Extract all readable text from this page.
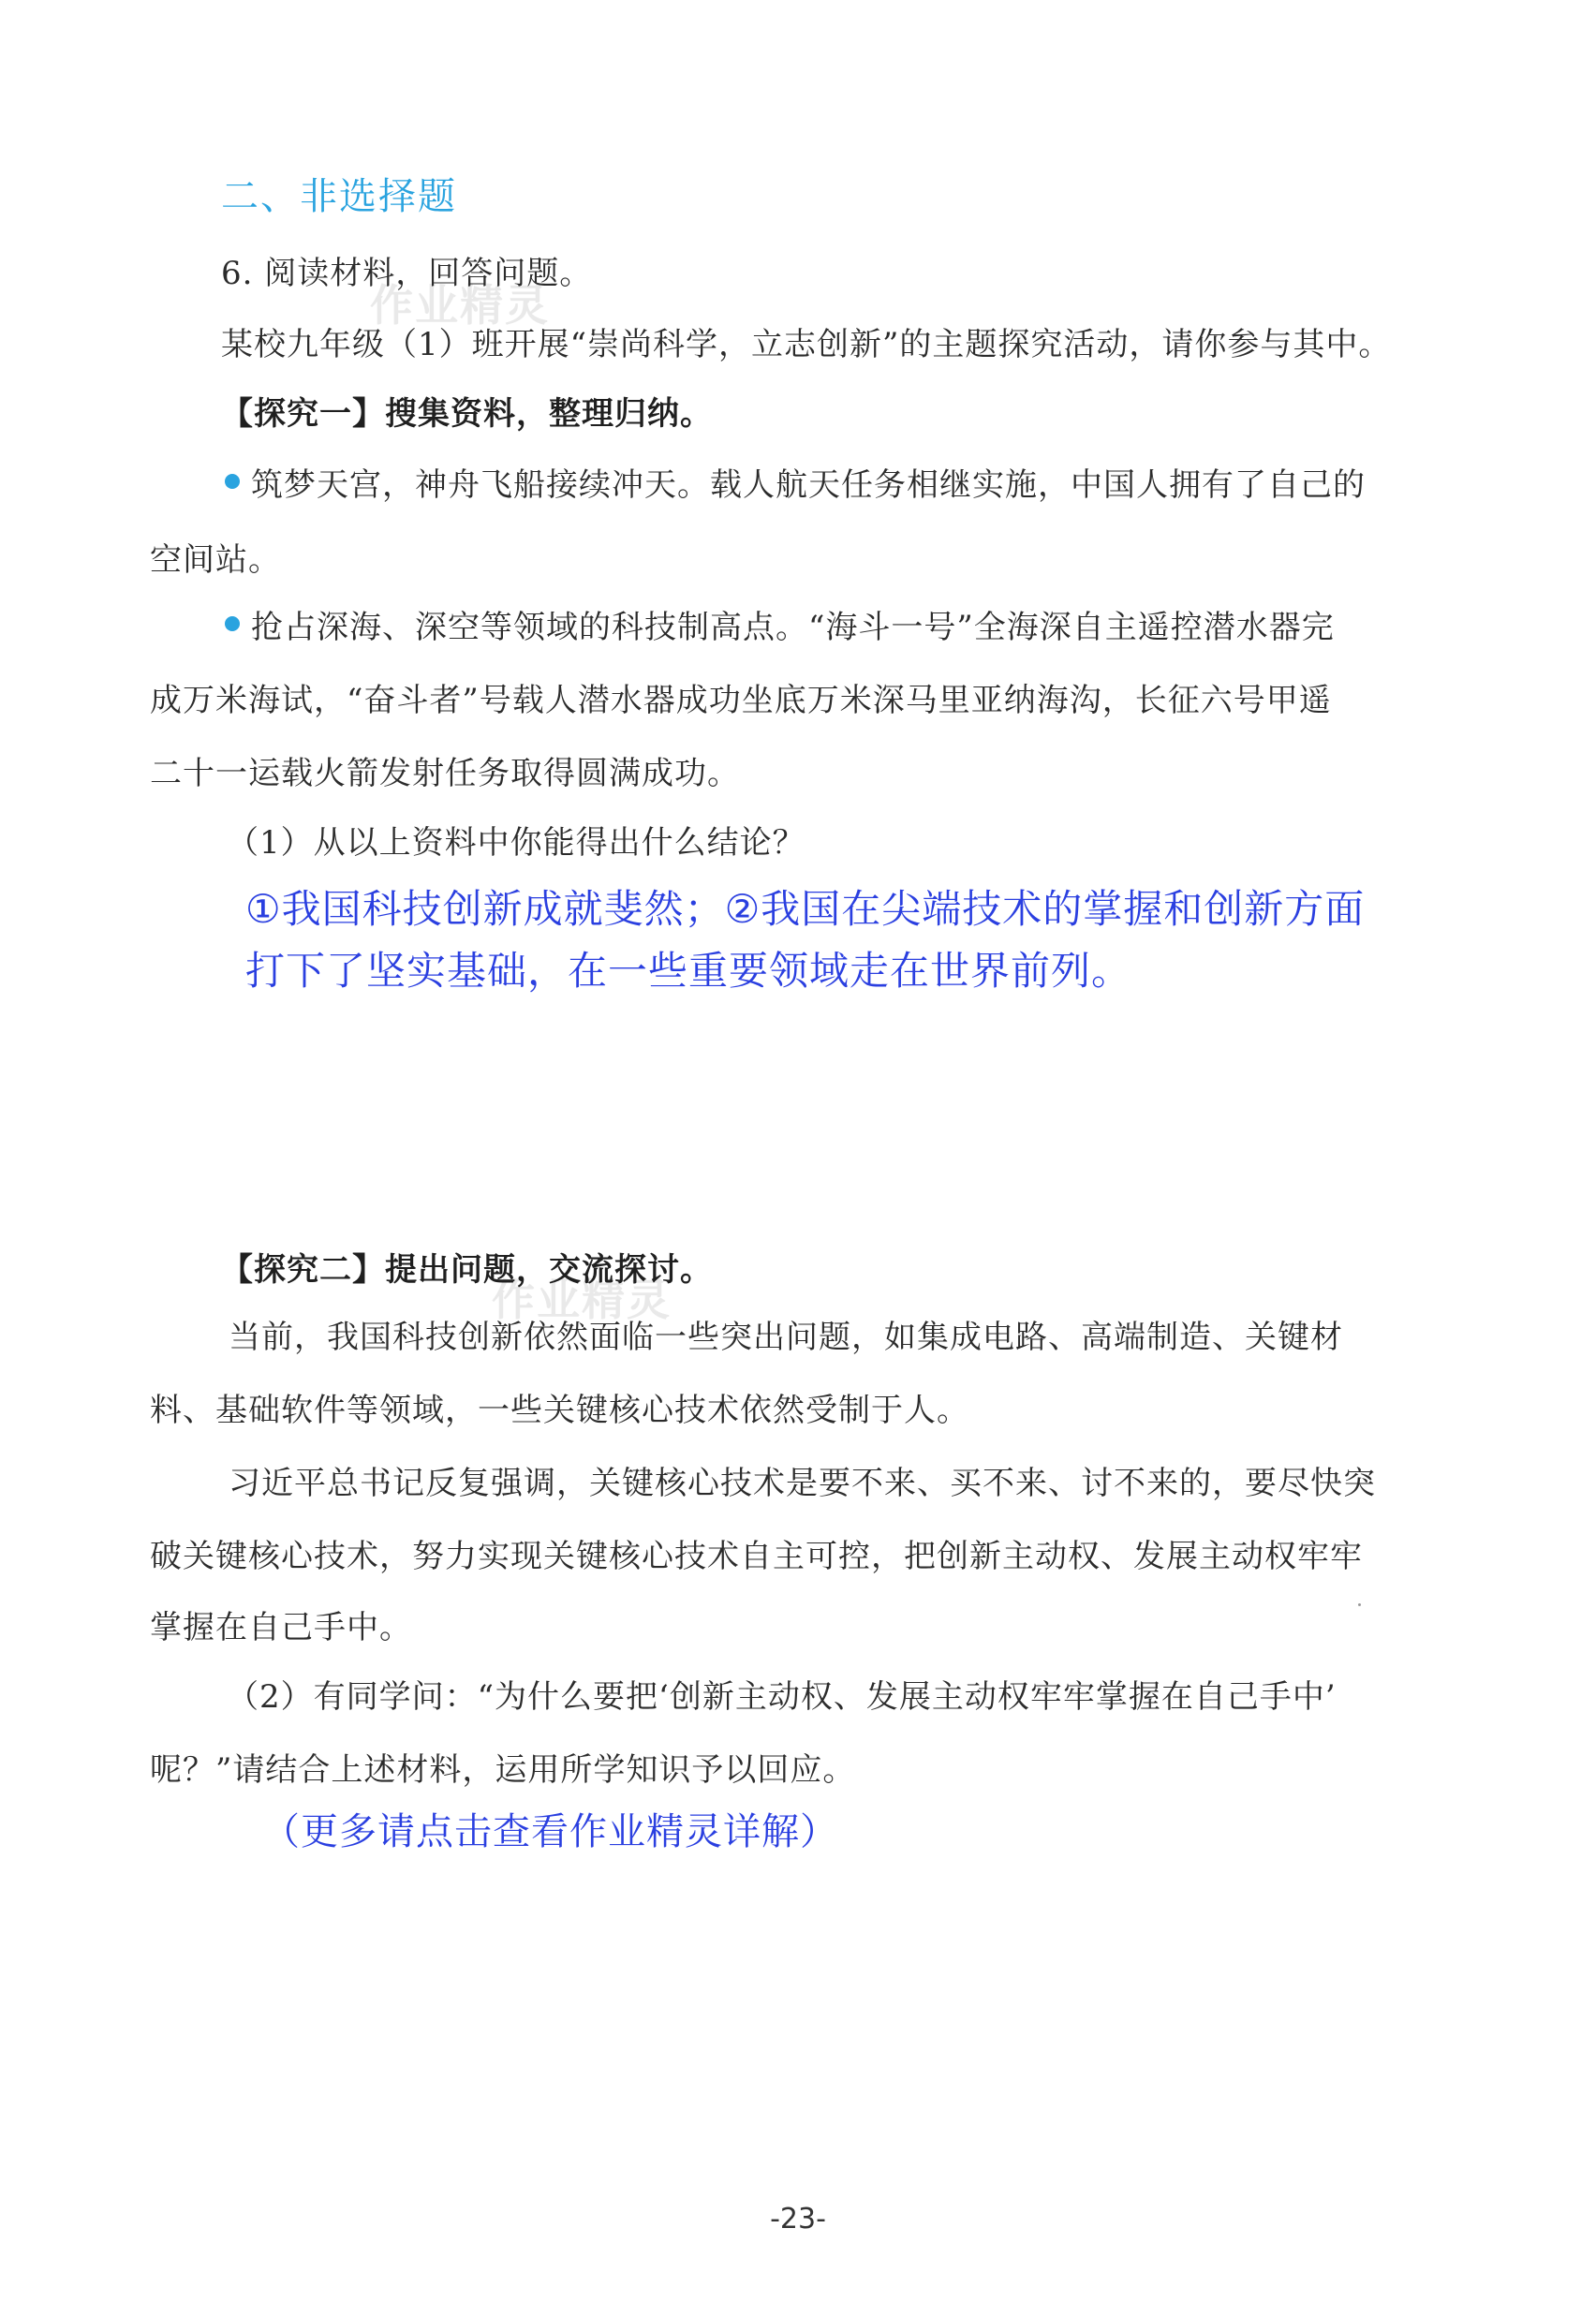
作业精灵
作业精灵
二、非选择题
6. 阅读材料，回答问题。
某校九年级（1）班开展“崇尚科学，立志创新”的主题探究活动，请你参与其中。
【探究一】搜集资料，整理归纳。
筑梦天宫，神舟飞船接续冲天。载人航天任务相继实施，中国人拥有了自己的
空间站。
抢占深海、深空等领域的科技制高点。“海斗一号”全海深自主遥控潜水器完
成万米海试，“奋斗者”号载人潜水器成功坐底万米深马里亚纳海沟，长征六号甲遥
二十一运载火箭发射任务取得圆满成功。
（1）从以上资料中你能得出什么结论？
①我国科技创新成就斐然；②我国在尖端技术的掌握和创新方面
打下了坚实基础，在一些重要领域走在世界前列。
【探究二】提出问题，交流探讨。
当前，我国科技创新依然面临一些突出问题，如集成电路、高端制造、关键材
料、基础软件等领域，一些关键核心技术依然受制于人。
习近平总书记反复强调，关键核心技术是要不来、买不来、讨不来的，要尽快突
破关键核心技术，努力实现关键核心技术自主可控，把创新主动权、发展主动权牢牢
掌握在自己手中。
（2）有同学问：“为什么要把‘创新主动权、发展主动权牢牢掌握在自己手中’
呢？”请结合上述材料，运用所学知识予以回应。
（更多请点击查看作业精灵详解）
-23-
